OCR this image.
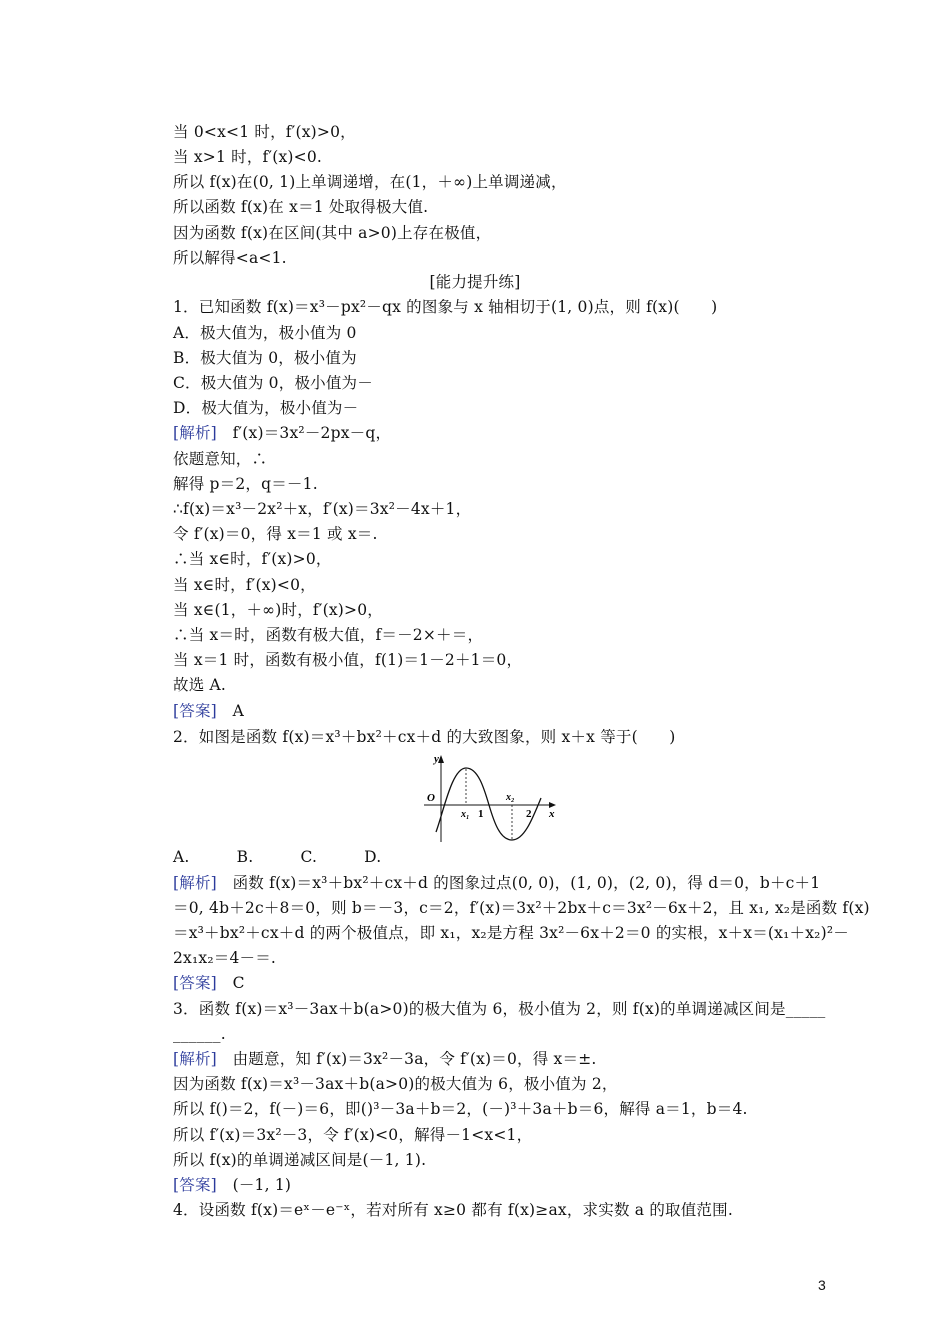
当 0<x<1 时，f′(x)>0，
当 x>1 时，f′(x)<0.
所以 f(x)在(0, 1)上单调递增，在(1，＋∞)上单调递减，
所以函数 f(x)在 x＝1 处取得极大值.
因为函数 f(x)在区间(其中 a>0)上存在极值，
所以解得<a<1.
[能力提升练]
1．已知函数 f(x)＝x³－px²－qx 的图象与 x 轴相切于(1, 0)点，则 f(x)(　　)
A．极大值为，极小值为 0
B．极大值为 0，极小值为
C．极大值为 0，极小值为－
D．极大值为，极小值为－
[解析]　 f′(x)＝3x²－2px－q，
依题意知，∴
解得 p＝2，q＝－1.
∴f(x)＝x³－2x²＋x，f′(x)＝3x²－4x＋1，
令 f′(x)＝0，得 x＝1 或 x＝.
∴当 x∈时，f′(x)>0，
当 x∈时，f′(x)<0，
当 x∈(1，＋∞)时，f′(x)>0，
∴当 x＝时，函数有极大值，f＝－2×＋＝，
当 x＝1 时，函数有极小值，f(1)＝1－2＋1＝0，
故选 A.
[答案]　 A
2．如图是函数 f(x)＝x³＋bx²＋cx＋d 的大致图象，则 x＋x 等于(　　)
y
O
x₁ 1
x₂
2 x
A.　　　B.　　　C.　　　D.
[解析]　 函数 f(x)＝x³＋bx²＋cx＋d 的图象过点(0, 0)，(1, 0)，(2, 0)，得 d＝0，b＋c＋1
＝0, 4b＋2c＋8＝0，则 b＝－3，c＝2，f′(x)＝3x²＋2bx＋c＝3x²－6x＋2，且 x₁, x₂是函数 f(x)
＝x³＋bx²＋cx＋d 的两个极值点，即 x₁，x₂是方程 3x²－6x＋2＝0 的实根，x＋x＝(x₁＋x₂)²－
2x₁x₂＝4－＝.
[答案]　 C
3．函数 f(x)＝x³－3ax＋b(a>0)的极大值为 6，极小值为 2，则 f(x)的单调递减区间是_____
______.
[解析]　 由题意，知 f′(x)＝3x²－3a，令 f′(x)＝0，得 x＝±.
因为函数 f(x)＝x³－3ax＋b(a>0)的极大值为 6，极小值为 2，
所以 f()＝2，f(－)＝6，即()³－3a＋b＝2，(－)³＋3a＋b＝6，解得 a＝1，b＝4.
所以 f′(x)＝3x²－3，令 f′(x)<0，解得－1<x<1，
所以 f(x)的单调递减区间是(－1, 1).
[答案]　 (－1, 1)
4．设函数 f(x)＝eˣ－e⁻ˣ，若对所有 x≥0 都有 f(x)≥ax，求实数 a 的取值范围.
3
